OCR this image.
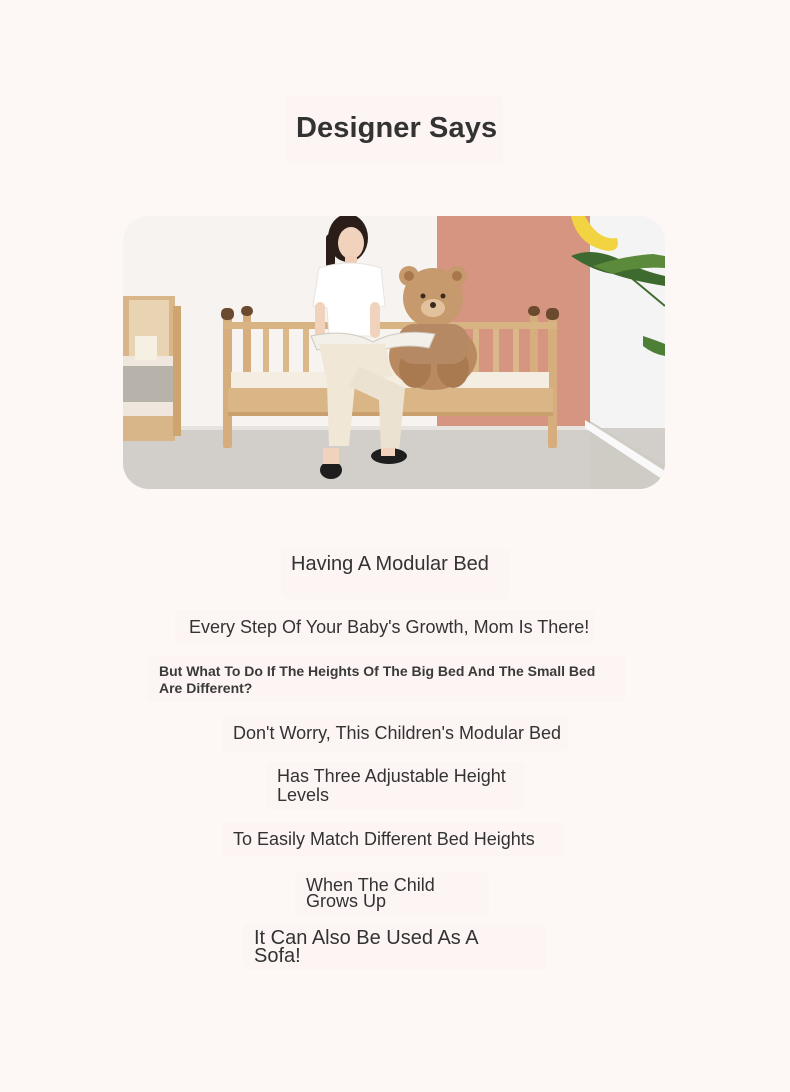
Designer Says
Having A Modular Bed
Every Step Of Your Baby's Growth, Mom Is There!
But What To Do If The Heights Of The Big Bed And The Small Bed Are Different?
Don't Worry, This Children's Modular Bed
Has Three Adjustable Height Levels
To Easily Match Different Bed Heights
When The Child Grows Up
It Can Also Be Used As A Sofa!
